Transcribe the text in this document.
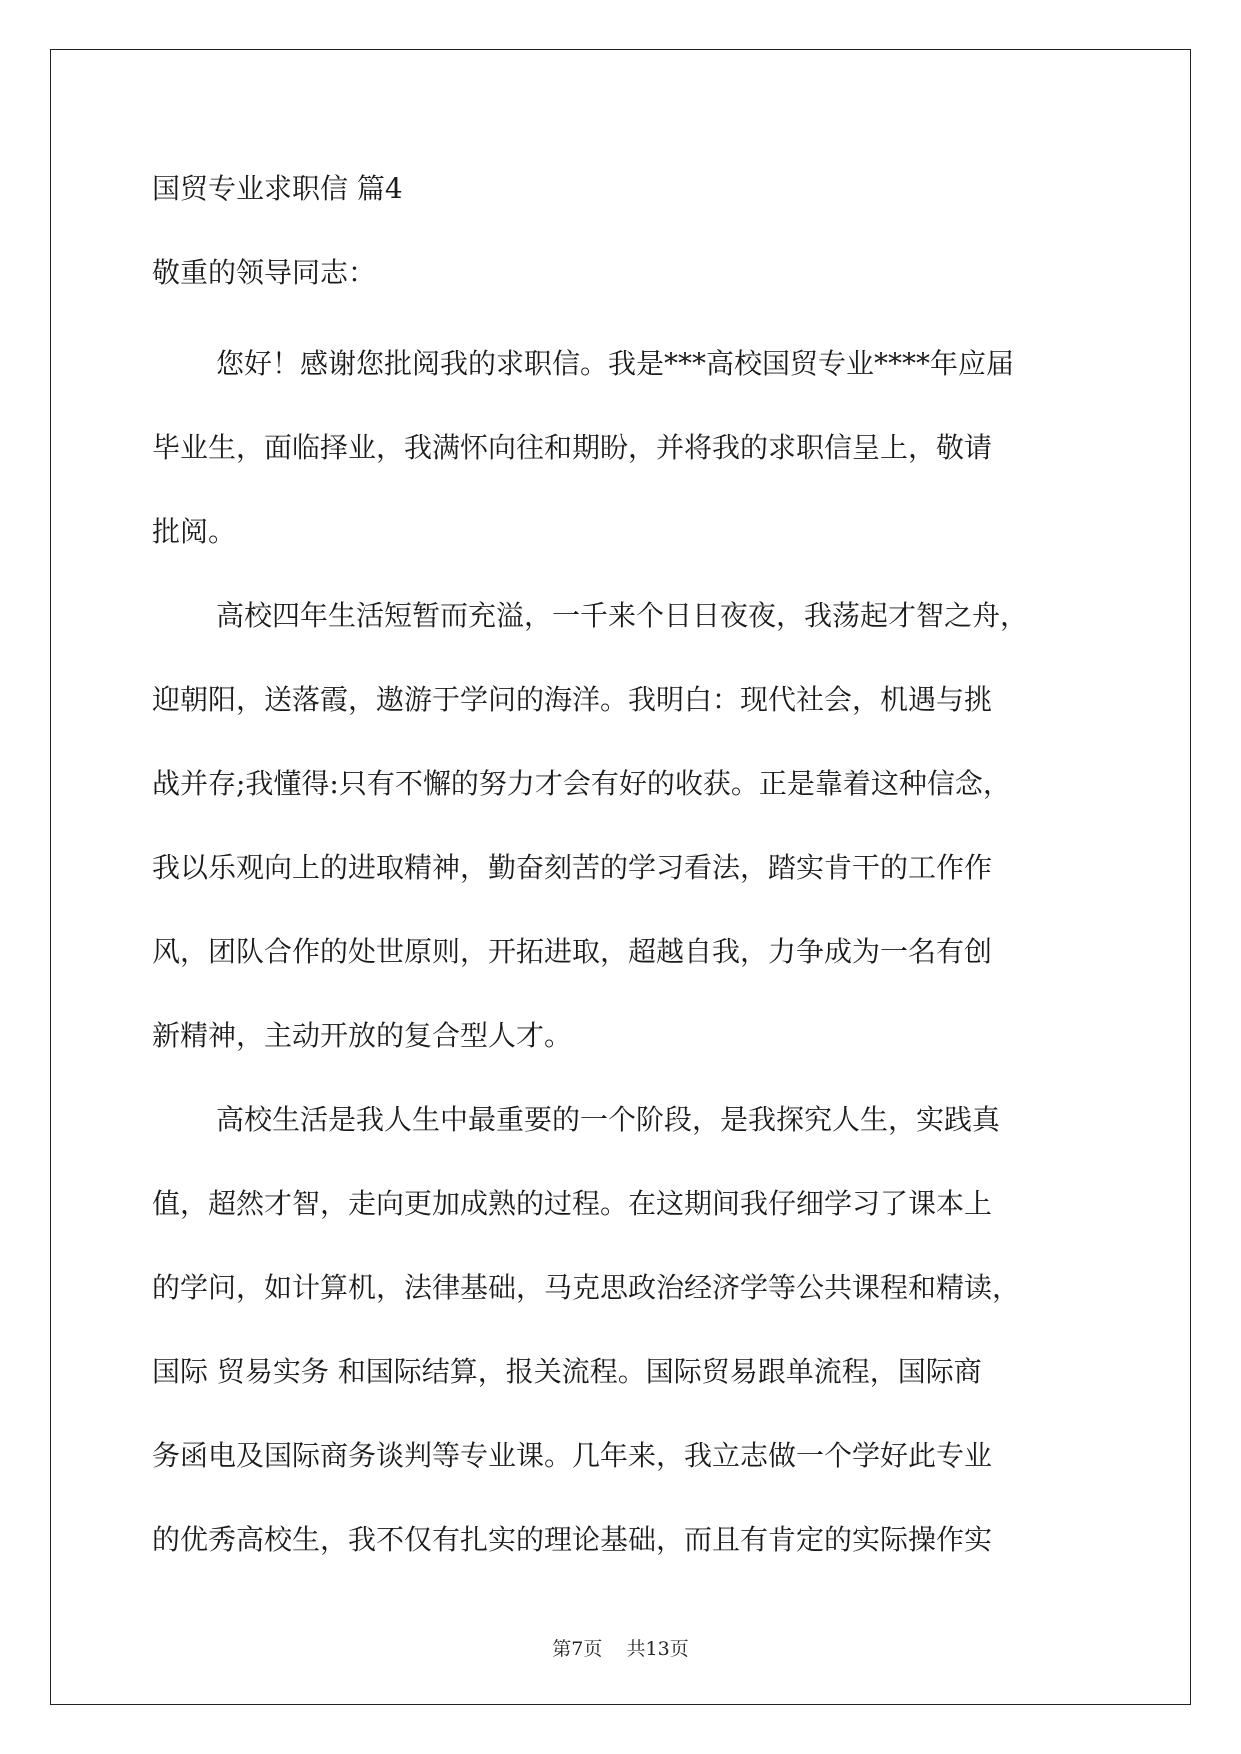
国贸专业求职信 篇4
敬重的领导同志：

您好！感谢您批阅我的求职信。我是***高校国贸专业****年应届

毕业生，面临择业，我满怀向往和期盼，并将我的求职信呈上，敬请

批阅。

高校四年生活短暂而充溢，一千来个日日夜夜，我荡起才智之舟，

迎朝阳，送落霞，遨游于学问的海洋。我明白：现代社会，机遇与挑

战并存;我懂得:只有不懈的努力才会有好的收获。正是靠着这种信念，

我以乐观向上的进取精神，勤奋刻苦的学习看法，踏实肯干的工作作

风，团队合作的处世原则，开拓进取，超越自我，力争成为一名有创

新精神，主动开放的复合型人才。

高校生活是我人生中最重要的一个阶段，是我探究人生，实践真

值，超然才智，走向更加成熟的过程。在这期间我仔细学习了课本上

的学问，如计算机，法律基础，马克思政治经济学等公共课程和精读，

国际 贸易实务 和国际结算，报关流程。国际贸易跟单流程，国际商

务函电及国际商务谈判等专业课。几年来，我立志做一个学好此专业

的优秀高校生，我不仅有扎实的理论基础，而且有肯定的实际操作实

第7页 共13页
